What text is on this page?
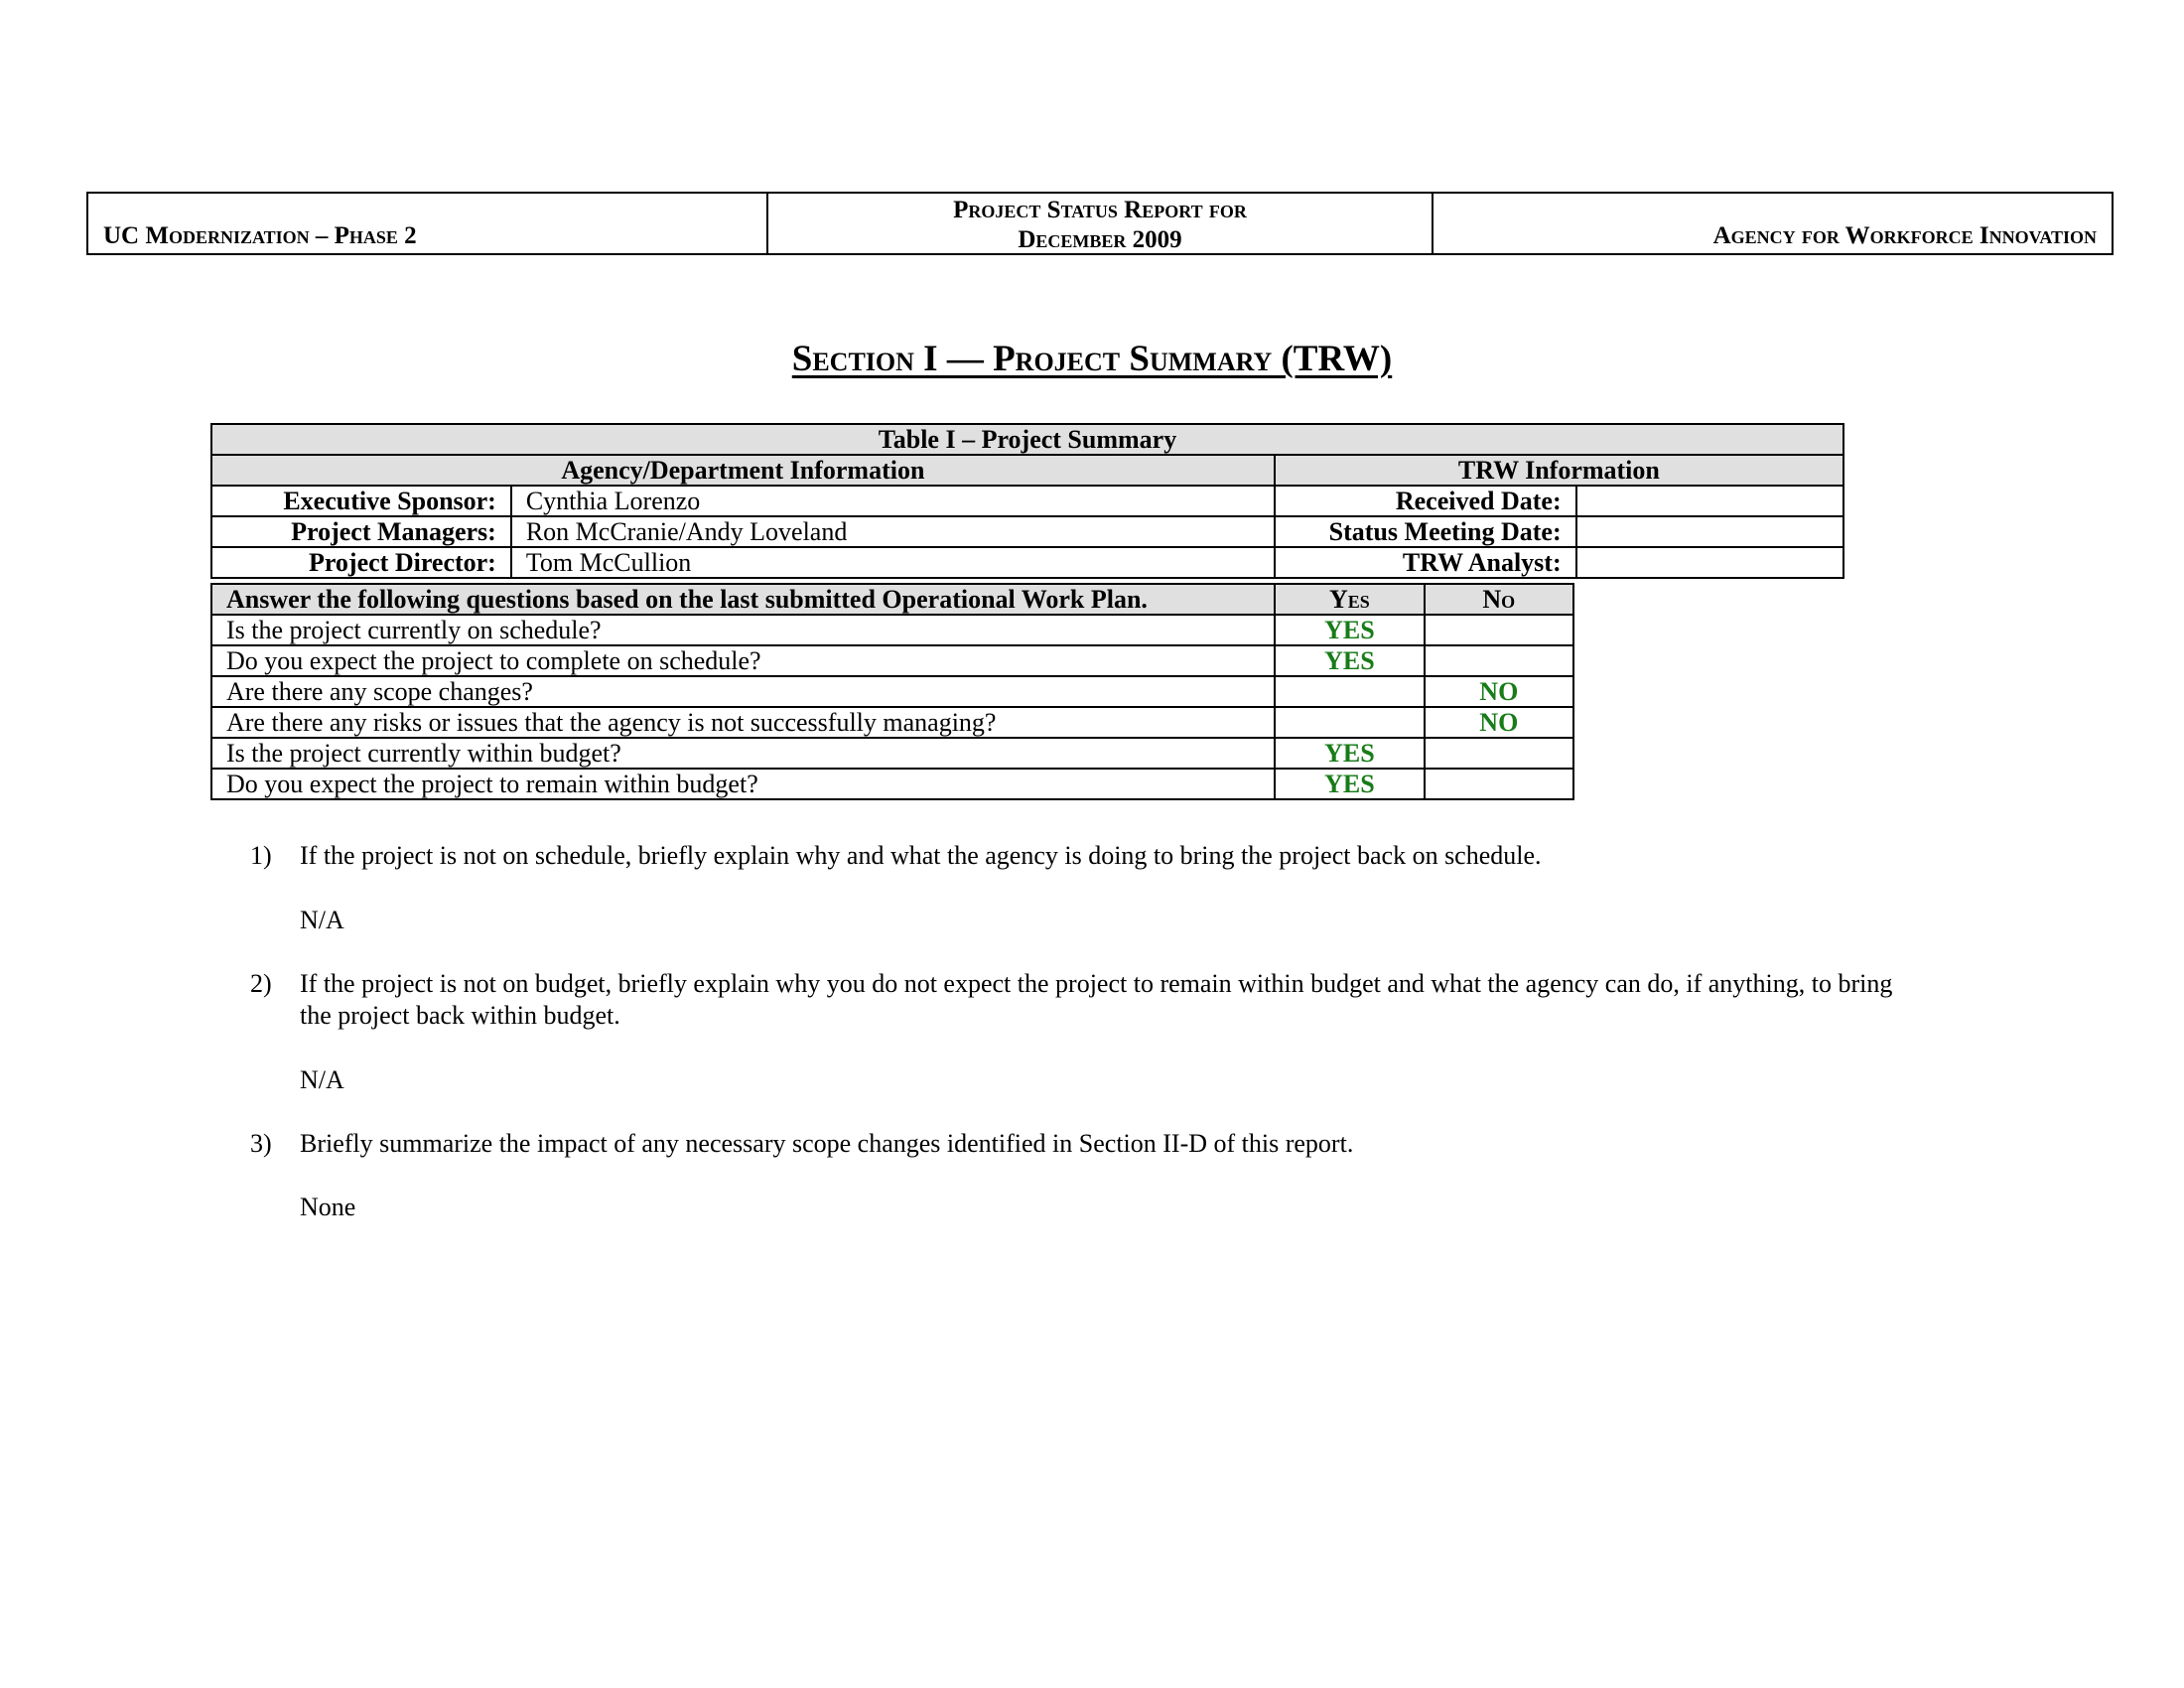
UC Modernization – Phase 2
Project Status Report for
December 2009	Agency for Workforce Innovation
Section I — Project Summary (TRW)
Table I – Project Summary			
Agency/Department Information		TRW Information	
Executive Sponsor:	Cynthia Lorenzo	Received Date:	
Project Managers:	Ron McCranie/Andy Loveland	Status Meeting Date:	
Project Director:	Tom McCullion	TRW Analyst:	
Answer the following questions based on the last submitted Operational Work Plan.	Yes	No
Is the project currently on schedule?	YES	
Do you expect the project to complete on schedule?	YES	
Are there any scope changes?		NO
Are there any risks or issues that the agency is not successfully managing?		NO
Is the project currently within budget?	YES	
Do you expect the project to remain within budget?	YES	
1)	If the project is not on schedule, briefly explain why and what the agency is doing to bring the project back on schedule.
N/A
2)	If the project is not on budget, briefly explain why you do not expect the project to remain within budget and what the agency can do, if anything, to bring
the project back within budget.
N/A
3)	Briefly summarize the impact of any necessary scope changes identified in Section II-D of this report.
None
